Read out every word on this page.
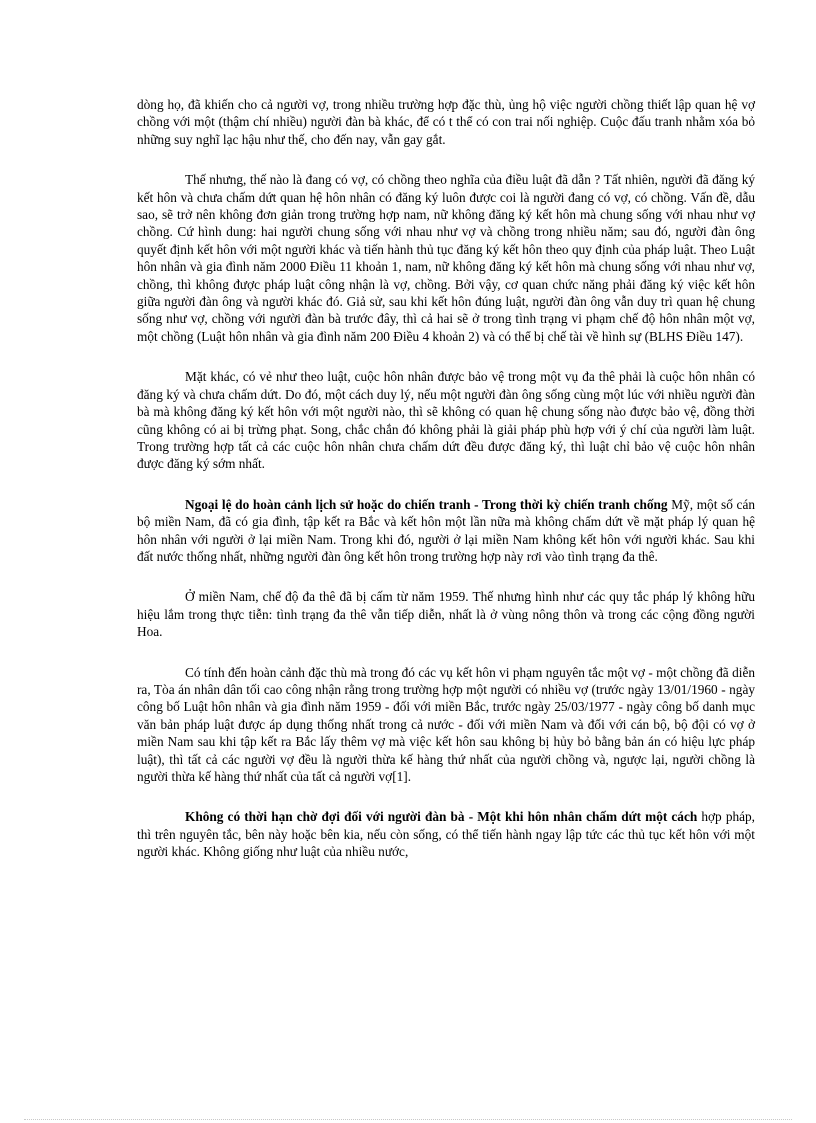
dòng họ, đã khiến cho cả người vợ, trong nhiều trường hợp đặc thù, ủng hộ việc người chồng thiết lập quan hệ vợ chồng với một (thậm chí nhiều) người đàn bà khác, để có t thể có con trai nối nghiệp. Cuộc đấu tranh nhằm xóa bỏ những suy nghĩ lạc hậu như thế, cho đến nay, vẫn gay gắt.

Thế nhưng, thế nào là đang có vợ, có chồng theo nghĩa của điều luật đã dẫn ? Tất nhiên, người đã đăng ký kết hôn và chưa chấm dứt quan hệ hôn nhân có đăng ký luôn được coi là người đang có vợ, có chồng. Vấn đề, dẫu sao, sẽ trở nên không đơn giản trong trường hợp nam, nữ không đăng ký kết hôn mà chung sống với nhau như vợ chồng. Cứ hình dung: hai người chung sống với nhau như vợ và chồng trong nhiều năm; sau đó, người đàn ông quyết định kết hôn với một người khác và tiến hành thủ tục đăng ký kết hôn theo quy định của pháp luật. Theo Luật hôn nhân và gia đình năm 2000 Điều 11 khoản 1, nam, nữ không đăng ký kết hôn mà chung sống với nhau như vợ, chồng, thì không được pháp luật công nhận là vợ, chồng. Bởi vậy, cơ quan chức năng phải đăng ký việc kết hôn giữa người đàn ông và người khác đó. Giả sử, sau khi kết hôn đúng luật, người đàn ông vẫn duy trì quan hệ chung sống như vợ, chồng với người đàn bà trước đây, thì cả hai sẽ ở trong tình trạng vi phạm chế độ hôn nhân một vợ, một chồng (Luật hôn nhân và gia đình năm 200 Điều 4 khoản 2) và có thể bị chế tài về hình sự (BLHS Điều 147).

Mặt khác, có vẻ như theo luật, cuộc hôn nhân được bảo vệ trong một vụ đa thê phải là cuộc hôn nhân có đăng ký và chưa chấm dứt. Do đó, một cách duy lý, nếu một người đàn ông sống cùng một lúc với nhiều người đàn bà mà không đăng ký kết hôn với một người nào, thì sẽ không có quan hệ chung sống nào được bảo vệ, đồng thời cũng không có ai bị trừng phạt. Song, chắc chắn đó không phải là giải pháp phù hợp với ý chí của người làm luật. Trong trường hợp tất cả các cuộc hôn nhân chưa chấm dứt đều được đăng ký, thì luật chỉ bảo vệ cuộc hôn nhân được đăng ký sớm nhất.

Ngoại lệ do hoàn cảnh lịch sử hoặc do chiến tranh - Trong thời kỳ chiến tranh chống Mỹ, một số cán bộ miền Nam, đã có gia đình, tập kết ra Bắc và kết hôn một lần nữa mà không chấm dứt về mặt pháp lý quan hệ hôn nhân với người ở lại miền Nam. Trong khi đó, người ở lại miền Nam không kết hôn với người khác. Sau khi đất nước thống nhất, những người đàn ông kết hôn trong trường hợp này rơi vào tình trạng đa thê.

Ở miền Nam, chế độ đa thê đã bị cấm từ năm 1959. Thế nhưng hình như các quy tắc pháp lý không hữu hiệu lắm trong thực tiễn: tình trạng đa thê vẫn tiếp diễn, nhất là ở vùng nông thôn và trong các cộng đồng người Hoa.

Có tính đến hoàn cảnh đặc thù mà trong đó các vụ kết hôn vi phạm nguyên tắc một vợ - một chồng đã diễn ra, Tòa án nhân dân tối cao công nhận rằng trong trường hợp một người có nhiều vợ (trước ngày 13/01/1960 - ngày công bố Luật hôn nhân và gia đình năm 1959 - đối với miền Bắc, trước ngày 25/03/1977 - ngày công bố danh mục văn bản pháp luật được áp dụng thống nhất trong cả nước - đối với miền Nam và đối với cán bộ, bộ đội có vợ ở miền Nam sau khi tập kết ra Bắc lấy thêm vợ mà việc kết hôn sau không bị hủy bỏ bằng bản án có hiệu lực pháp luật), thì tất cả các người vợ đều là người thừa kế hàng thứ nhất của người chồng và, ngược lại, người chồng là người thừa kế hàng thứ nhất của tất cả người vợ[1].

Không có thời hạn chờ đợi đối với người đàn bà - Một khi hôn nhân chấm dứt một cách hợp pháp, thì trên nguyên tắc, bên này hoặc bên kia, nếu còn sống, có thể tiến hành ngay lập tức các thủ tục kết hôn với một người khác. Không giống như luật của nhiều nước,
